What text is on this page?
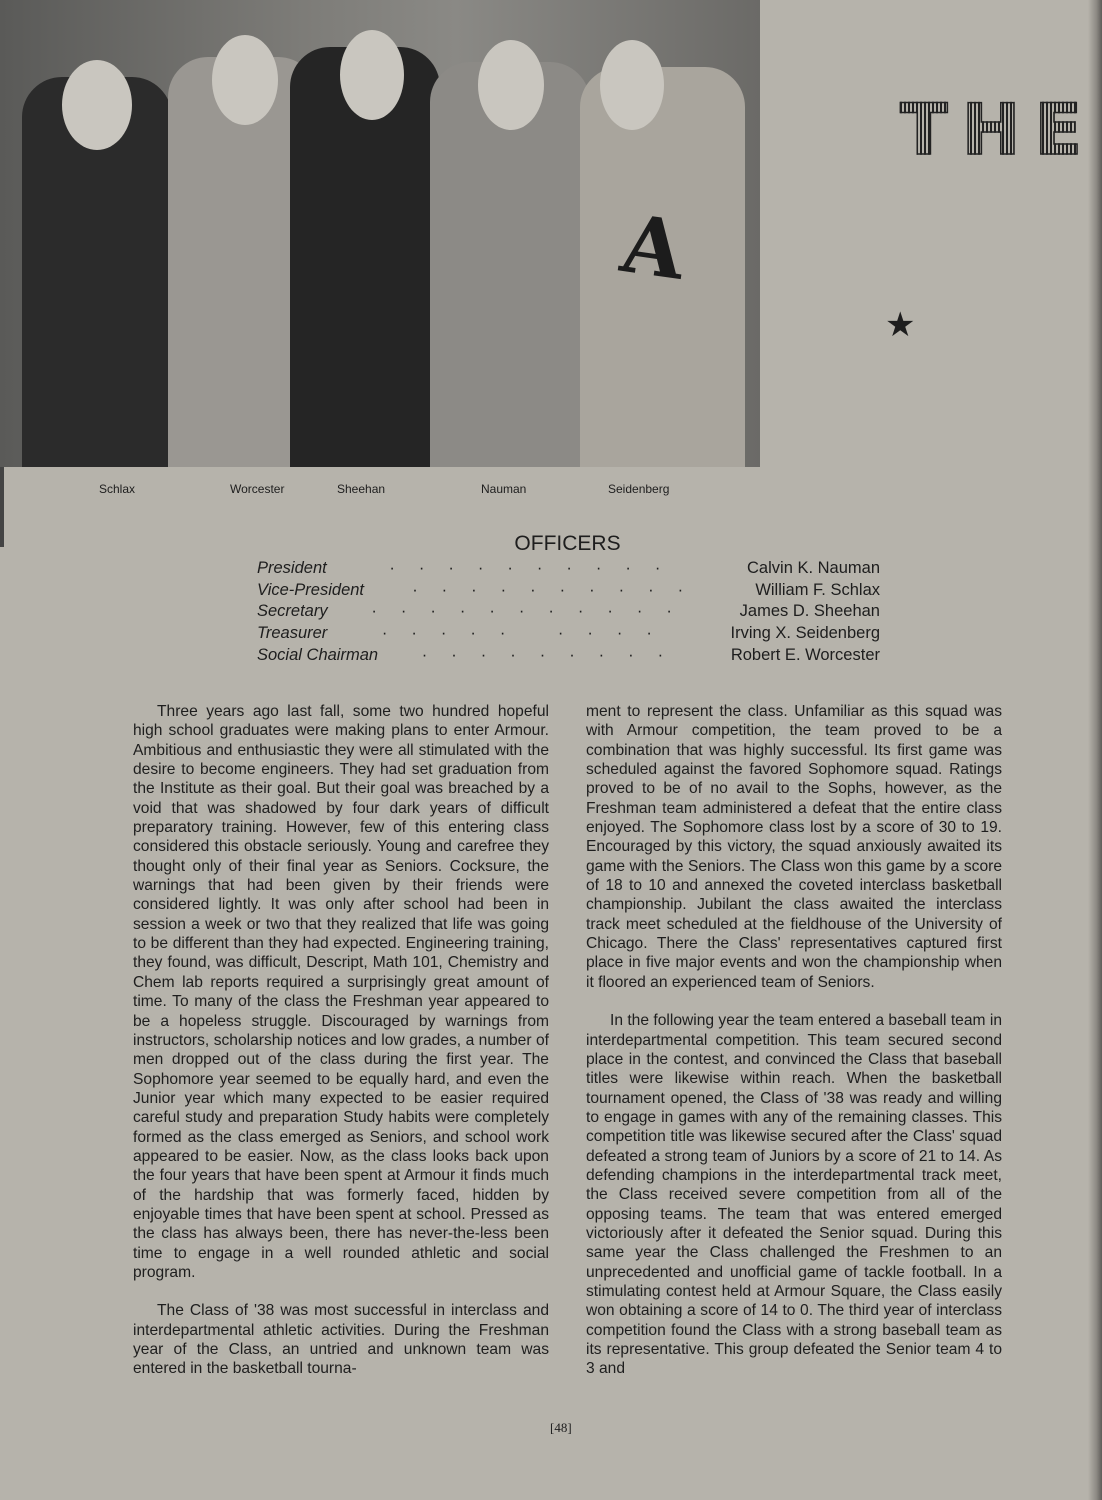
A
Schlax	Worcester	Sheehan	Nauman	Seidenberg
T H E
★
OFFICERS
President	··········	Calvin K. Nauman
Vice-President	··········	William F. Schlax
Secretary	···········	James D. Sheehan
Treasurer	····· ····	Irving X. Seidenberg
Social Chairman	·········	Robert E. Worcester

Three years ago last fall, some two hundred hopeful high school graduates were making plans to enter Armour. Ambitious and enthusiastic they were all stimulated with the desire to become engineers. They had set graduation from the Institute as their goal. But their goal was breached by a void that was shadowed by four dark years of difficult preparatory training. However, few of this entering class considered this obstacle seriously. Young and carefree they thought only of their final year as Seniors. Cocksure, the warnings that had been given by their friends were considered lightly. It was only after school had been in session a week or two that they realized that life was going to be different than they had expected. Engineering training, they found, was difficult, Descript, Math 101, Chemistry and Chem lab reports required a surprisingly great amount of time. To many of the class the Freshman year appeared to be a hopeless struggle. Discouraged by warnings from instructors, scholarship notices and low grades, a number of men dropped out of the class during the first year. The Sophomore year seemed to be equally hard, and even the Junior year which many expected to be easier required careful study and preparation Study habits were completely formed as the class emerged as Seniors, and school work appeared to be easier. Now, as the class looks back upon the four years that have been spent at Armour it finds much of the hardship that was formerly faced, hidden by enjoyable times that have been spent at school. Pressed as the class has always been, there has never-the-less been time to engage in a well rounded athletic and social program.

The Class of '38 was most successful in interclass and interdepartmental athletic activities. During the Freshman year of the Class, an untried and unknown team was entered in the basketball tourna-

ment to represent the class. Unfamiliar as this squad was with Armour competition, the team proved to be a combination that was highly successful. Its first game was scheduled against the favored Sophomore squad. Ratings proved to be of no avail to the Sophs, however, as the Freshman team administered a defeat that the entire class enjoyed. The Sophomore class lost by a score of 30 to 19. Encouraged by this victory, the squad anxiously awaited its game with the Seniors. The Class won this game by a score of 18 to 10 and annexed the coveted interclass basketball championship. Jubilant the class awaited the interclass track meet scheduled at the fieldhouse of the University of Chicago. There the Class' representatives captured first place in five major events and won the championship when it floored an experienced team of Seniors.

In the following year the team entered a baseball team in interdepartmental competition. This team secured second place in the contest, and convinced the Class that baseball titles were likewise within reach. When the basketball tournament opened, the Class of '38 was ready and willing to engage in games with any of the remaining classes. This competition title was likewise secured after the Class' squad defeated a strong team of Juniors by a score of 21 to 14. As defending champions in the interdepartmental track meet, the Class received severe competition from all of the opposing teams. The team that was entered emerged victoriously after it defeated the Senior squad. During this same year the Class challenged the Freshmen to an unprecedented and unofficial game of tackle football. In a stimulating contest held at Armour Square, the Class easily won obtaining a score of 14 to 0. The third year of interclass competition found the Class with a strong baseball team as its representative. This group defeated the Senior team 4 to 3 and

[48]
